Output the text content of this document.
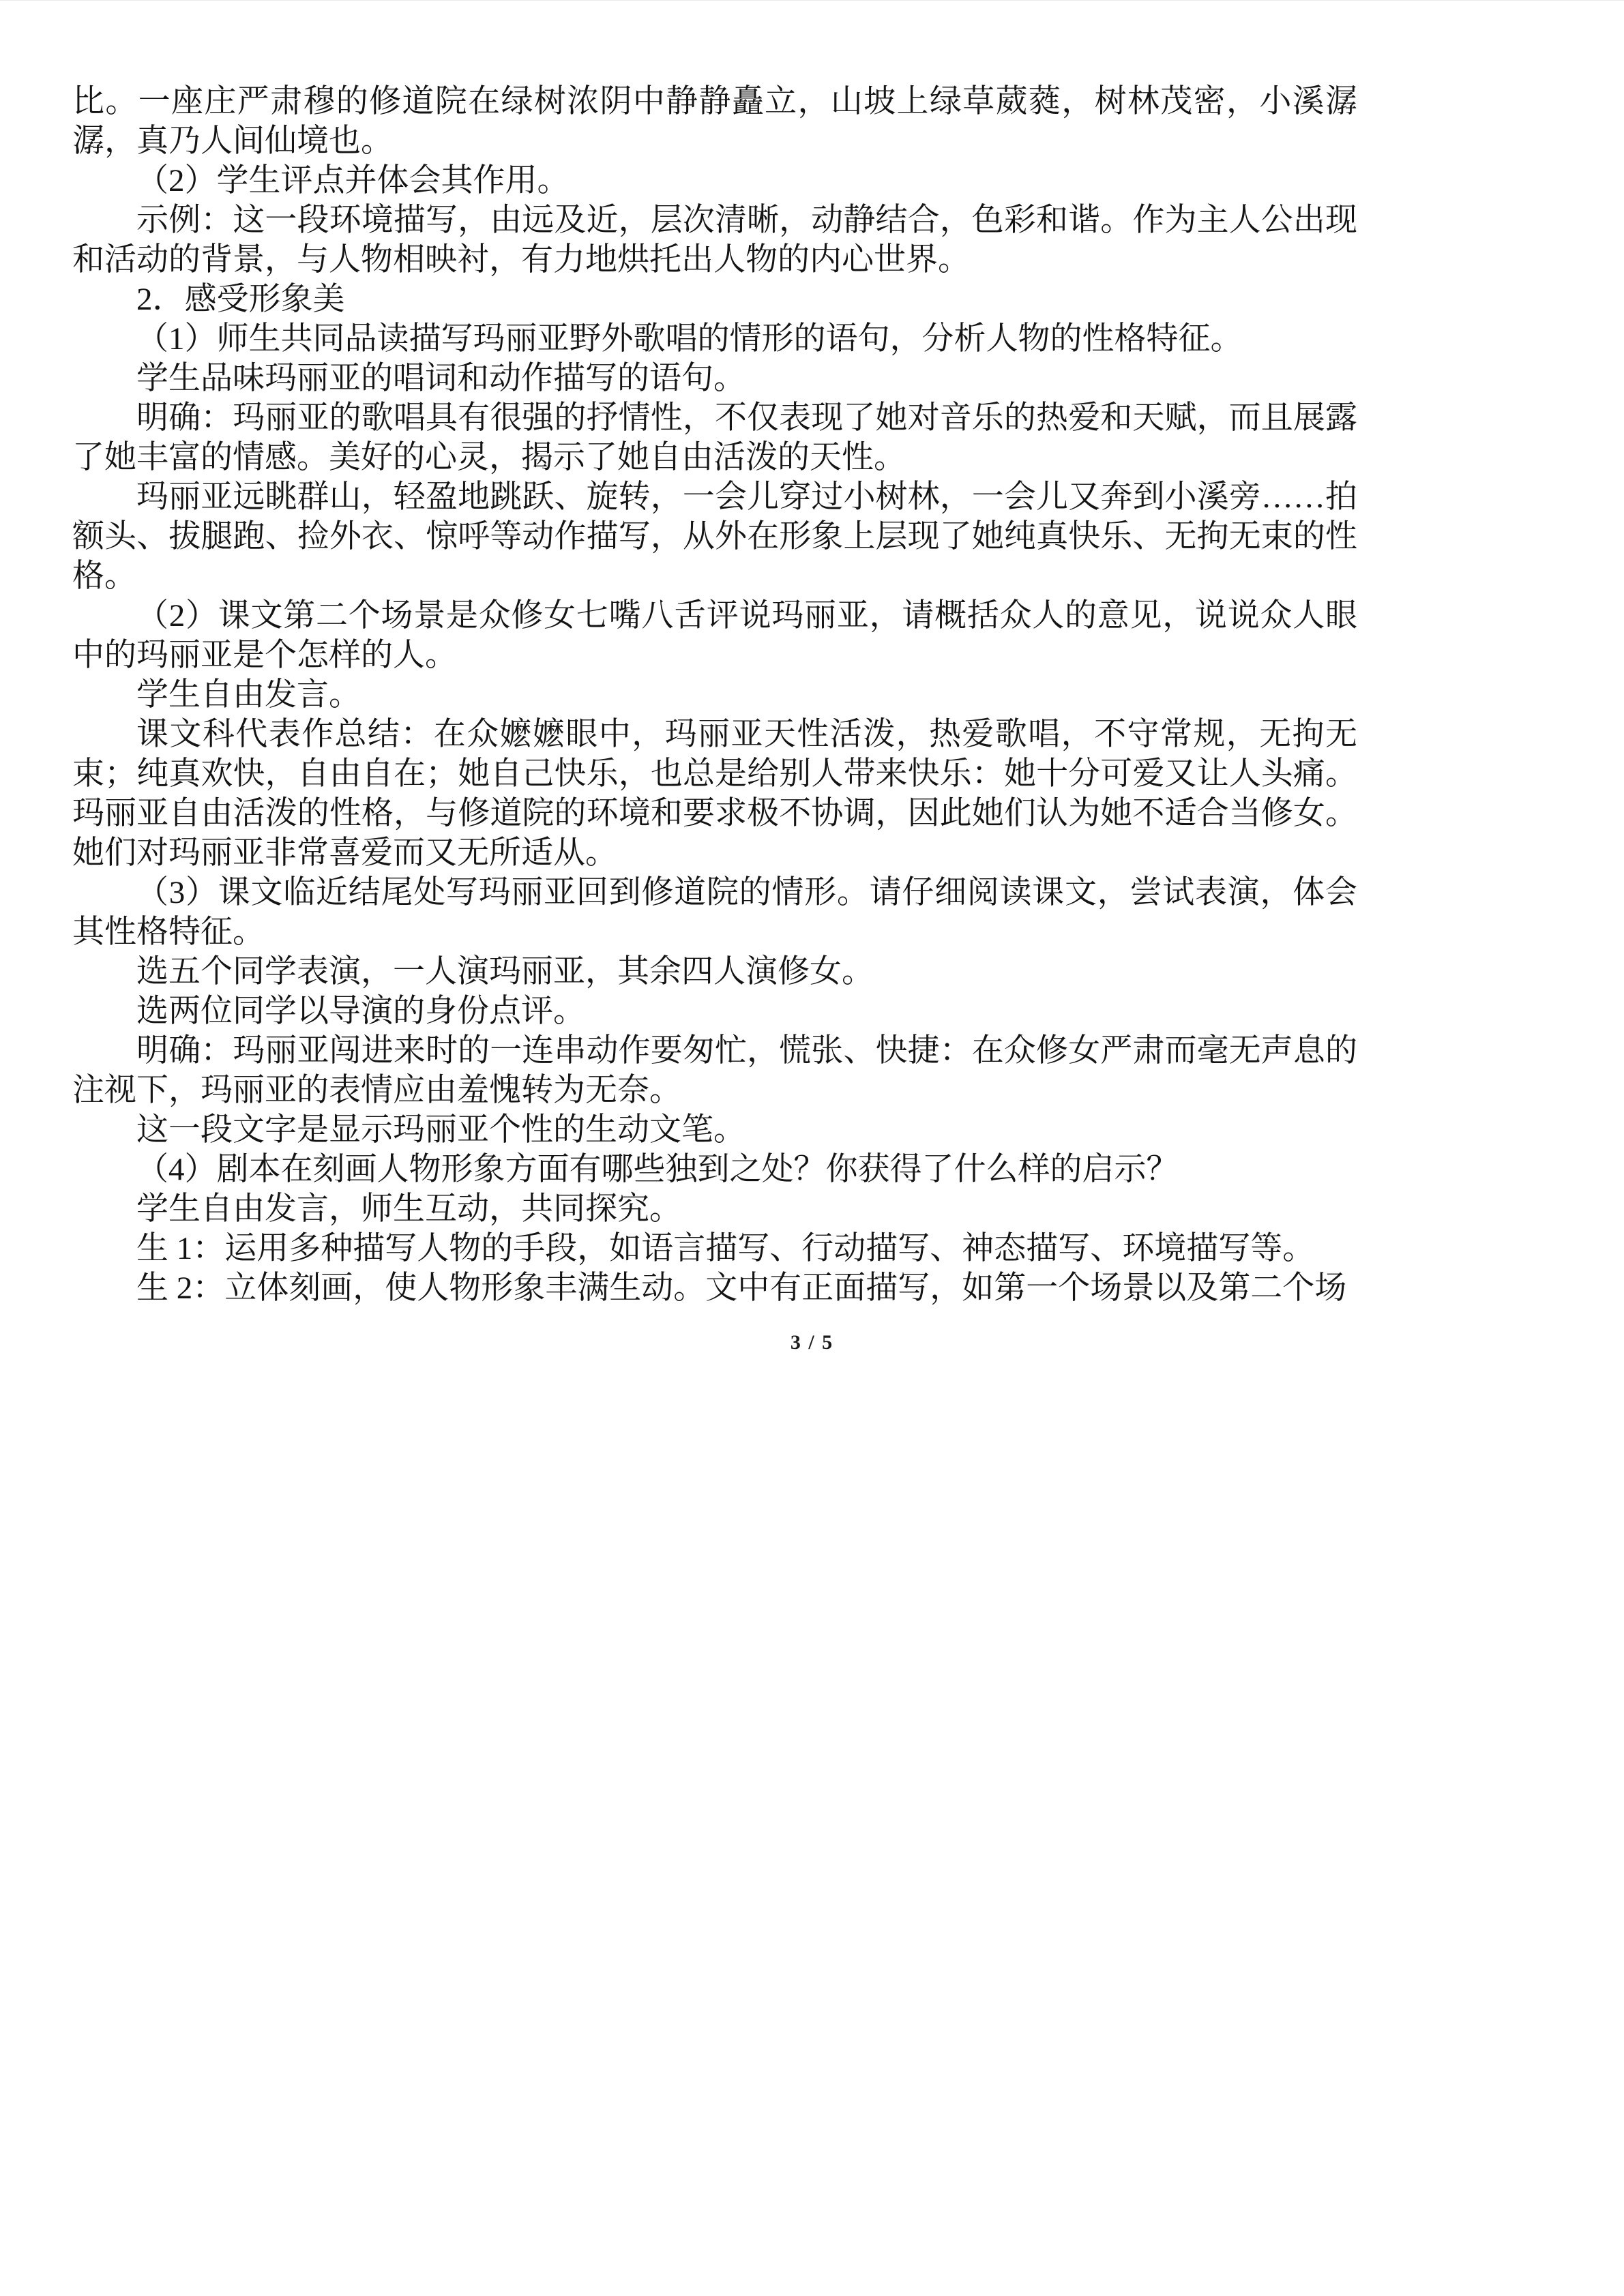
比。一座庄严肃穆的修道院在绿树浓阴中静静矗立，山坡上绿草葳蕤，树林茂密，小溪潺潺，真乃人间仙境也。

（2）学生评点并体会其作用。

示例：这一段环境描写，由远及近，层次清晰，动静结合，色彩和谐。作为主人公出现和活动的背景，与人物相映衬，有力地烘托出人物的内心世界。

2．感受形象美

（1）师生共同品读描写玛丽亚野外歌唱的情形的语句，分析人物的性格特征。

学生品味玛丽亚的唱词和动作描写的语句。

明确：玛丽亚的歌唱具有很强的抒情性，不仅表现了她对音乐的热爱和天赋，而且展露了她丰富的情感。美好的心灵，揭示了她自由活泼的天性。

玛丽亚远眺群山，轻盈地跳跃、旋转，一会儿穿过小树林，一会儿又奔到小溪旁……拍额头、拔腿跑、捡外衣、惊呼等动作描写，从外在形象上层现了她纯真快乐、无拘无束的性格。

（2）课文第二个场景是众修女七嘴八舌评说玛丽亚，请概括众人的意见，说说众人眼中的玛丽亚是个怎样的人。

学生自由发言。

课文科代表作总结：在众嬷嬷眼中，玛丽亚天性活泼，热爱歌唱，不守常规，无拘无束；纯真欢快，自由自在；她自己快乐，也总是给别人带来快乐：她十分可爱又让人头痛。玛丽亚自由活泼的性格，与修道院的环境和要求极不协调，因此她们认为她不适合当修女。她们对玛丽亚非常喜爱而又无所适从。

（3）课文临近结尾处写玛丽亚回到修道院的情形。请仔细阅读课文，尝试表演，体会其性格特征。

选五个同学表演，一人演玛丽亚，其余四人演修女。

选两位同学以导演的身份点评。

明确：玛丽亚闯进来时的一连串动作要匆忙，慌张、快捷：在众修女严肃而毫无声息的注视下，玛丽亚的表情应由羞愧转为无奈。

这一段文字是显示玛丽亚个性的生动文笔。

（4）剧本在刻画人物形象方面有哪些独到之处？你获得了什么样的启示？

学生自由发言，师生互动，共同探究。

生 1：运用多种描写人物的手段，如语言描写、行动描写、神态描写、环境描写等。

生 2：立体刻画，使人物形象丰满生动。文中有正面描写，如第一个场景以及第二个场

3 / 5
